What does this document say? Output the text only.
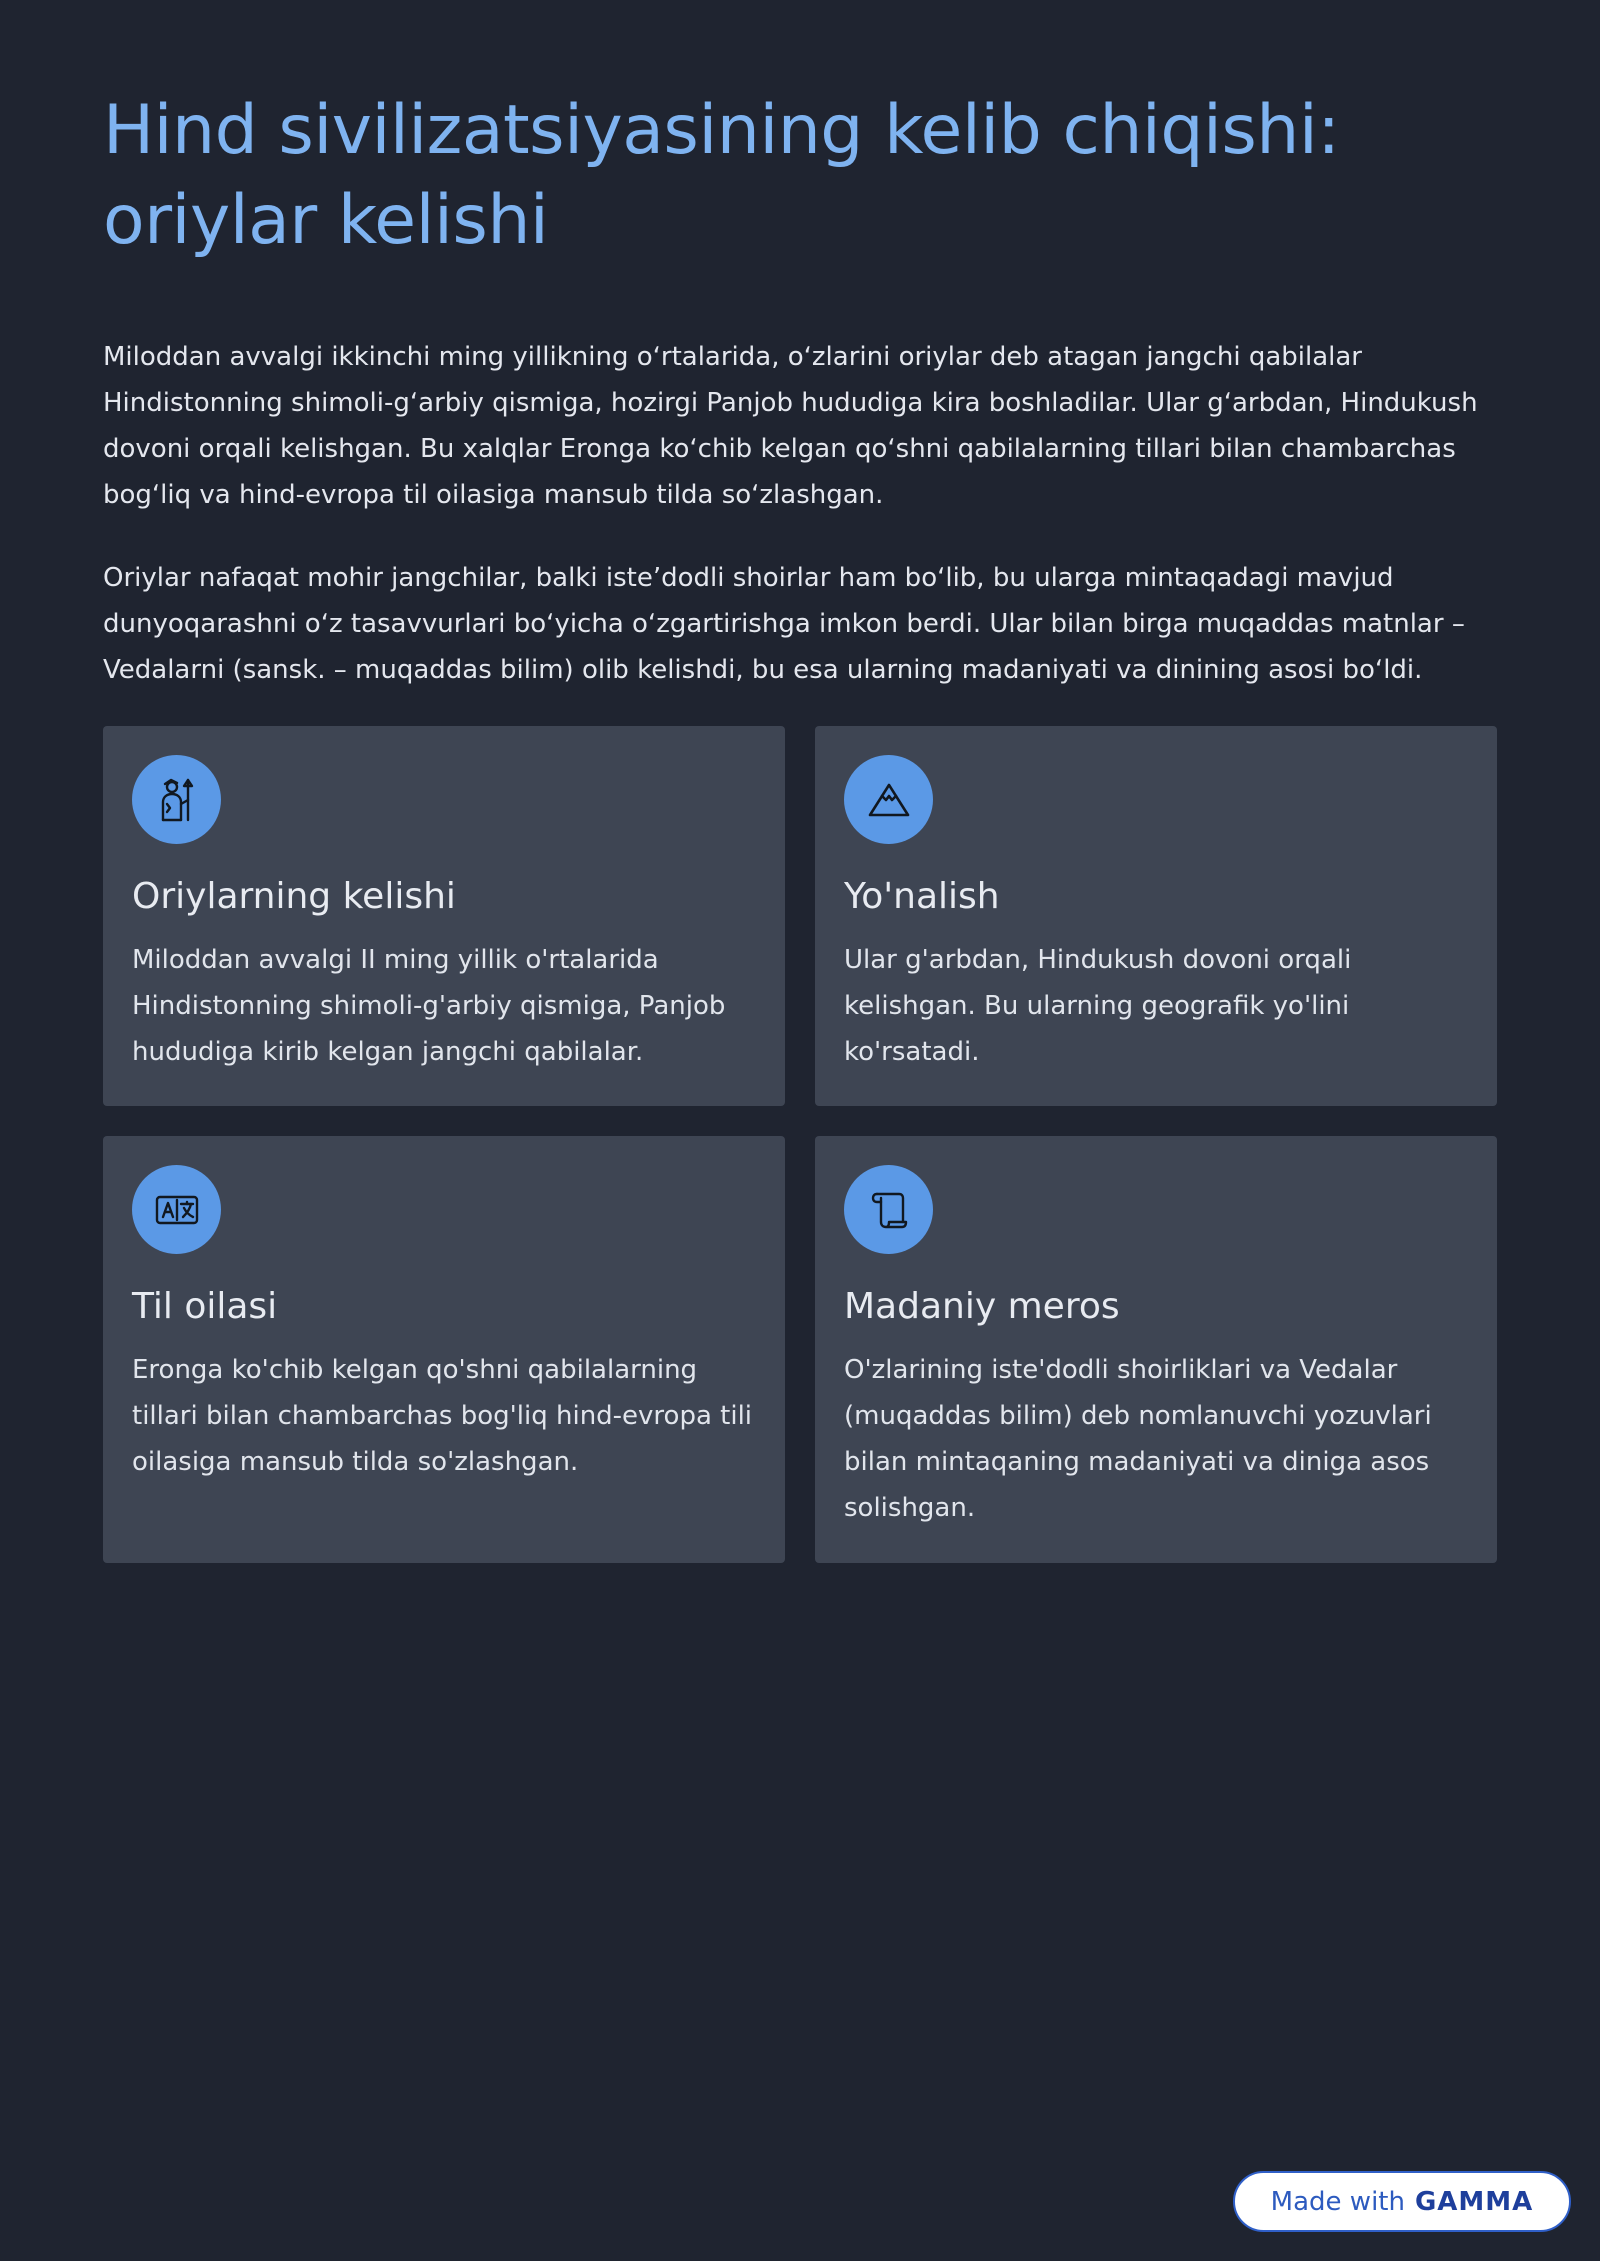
Hind sivilizatsiyasining kelib chiqishi: oriylar kelishi

Miloddan avvalgi ikkinchi ming yillikning oʻrtalarida, oʻzlarini oriylar deb atagan jangchi qabilalar Hindistonning shimoli-gʻarbiy qismiga, hozirgi Panjob hududiga kira boshladilar. Ular gʻarbdan, Hindukush dovoni orqali kelishgan. Bu xalqlar Eronga koʻchib kelgan qoʻshni qabilalarning tillari bilan chambarchas bogʻliq va hind-evropa til oilasiga mansub tilda soʻzlashgan.

Oriylar nafaqat mohir jangchilar, balki isteʼdodli shoirlar ham boʻlib, bu ularga mintaqadagi mavjud dunyoqarashni oʻz tasavvurlari boʻyicha oʻzgartirishga imkon berdi. Ular bilan birga muqaddas matnlar – Vedalarni (sansk. – muqaddas bilim) olib kelishdi, bu esa ularning madaniyati va dinining asosi boʻldi.

Oriylarning kelishi

Miloddan avvalgi II ming yillik o'rtalarida Hindistonning shimoli-g'arbiy qismiga, Panjob hududiga kirib kelgan jangchi qabilalar.

Yo'nalish

Ular g'arbdan, Hindukush dovoni orqali kelishgan. Bu ularning geografik yo'lini ko'rsatadi.

Til oilasi

Eronga ko'chib kelgan qo'shni qabilalarning tillari bilan chambarchas bog'liq hind-evropa tili oilasiga mansub tilda so'zlashgan.

Madaniy meros

O'zlarining iste'dodli shoirliklari va Vedalar (muqaddas bilim) deb nomlanuvchi yozuvlari bilan mintaqaning madaniyati va diniga asos solishgan.

Made with GAMMA
